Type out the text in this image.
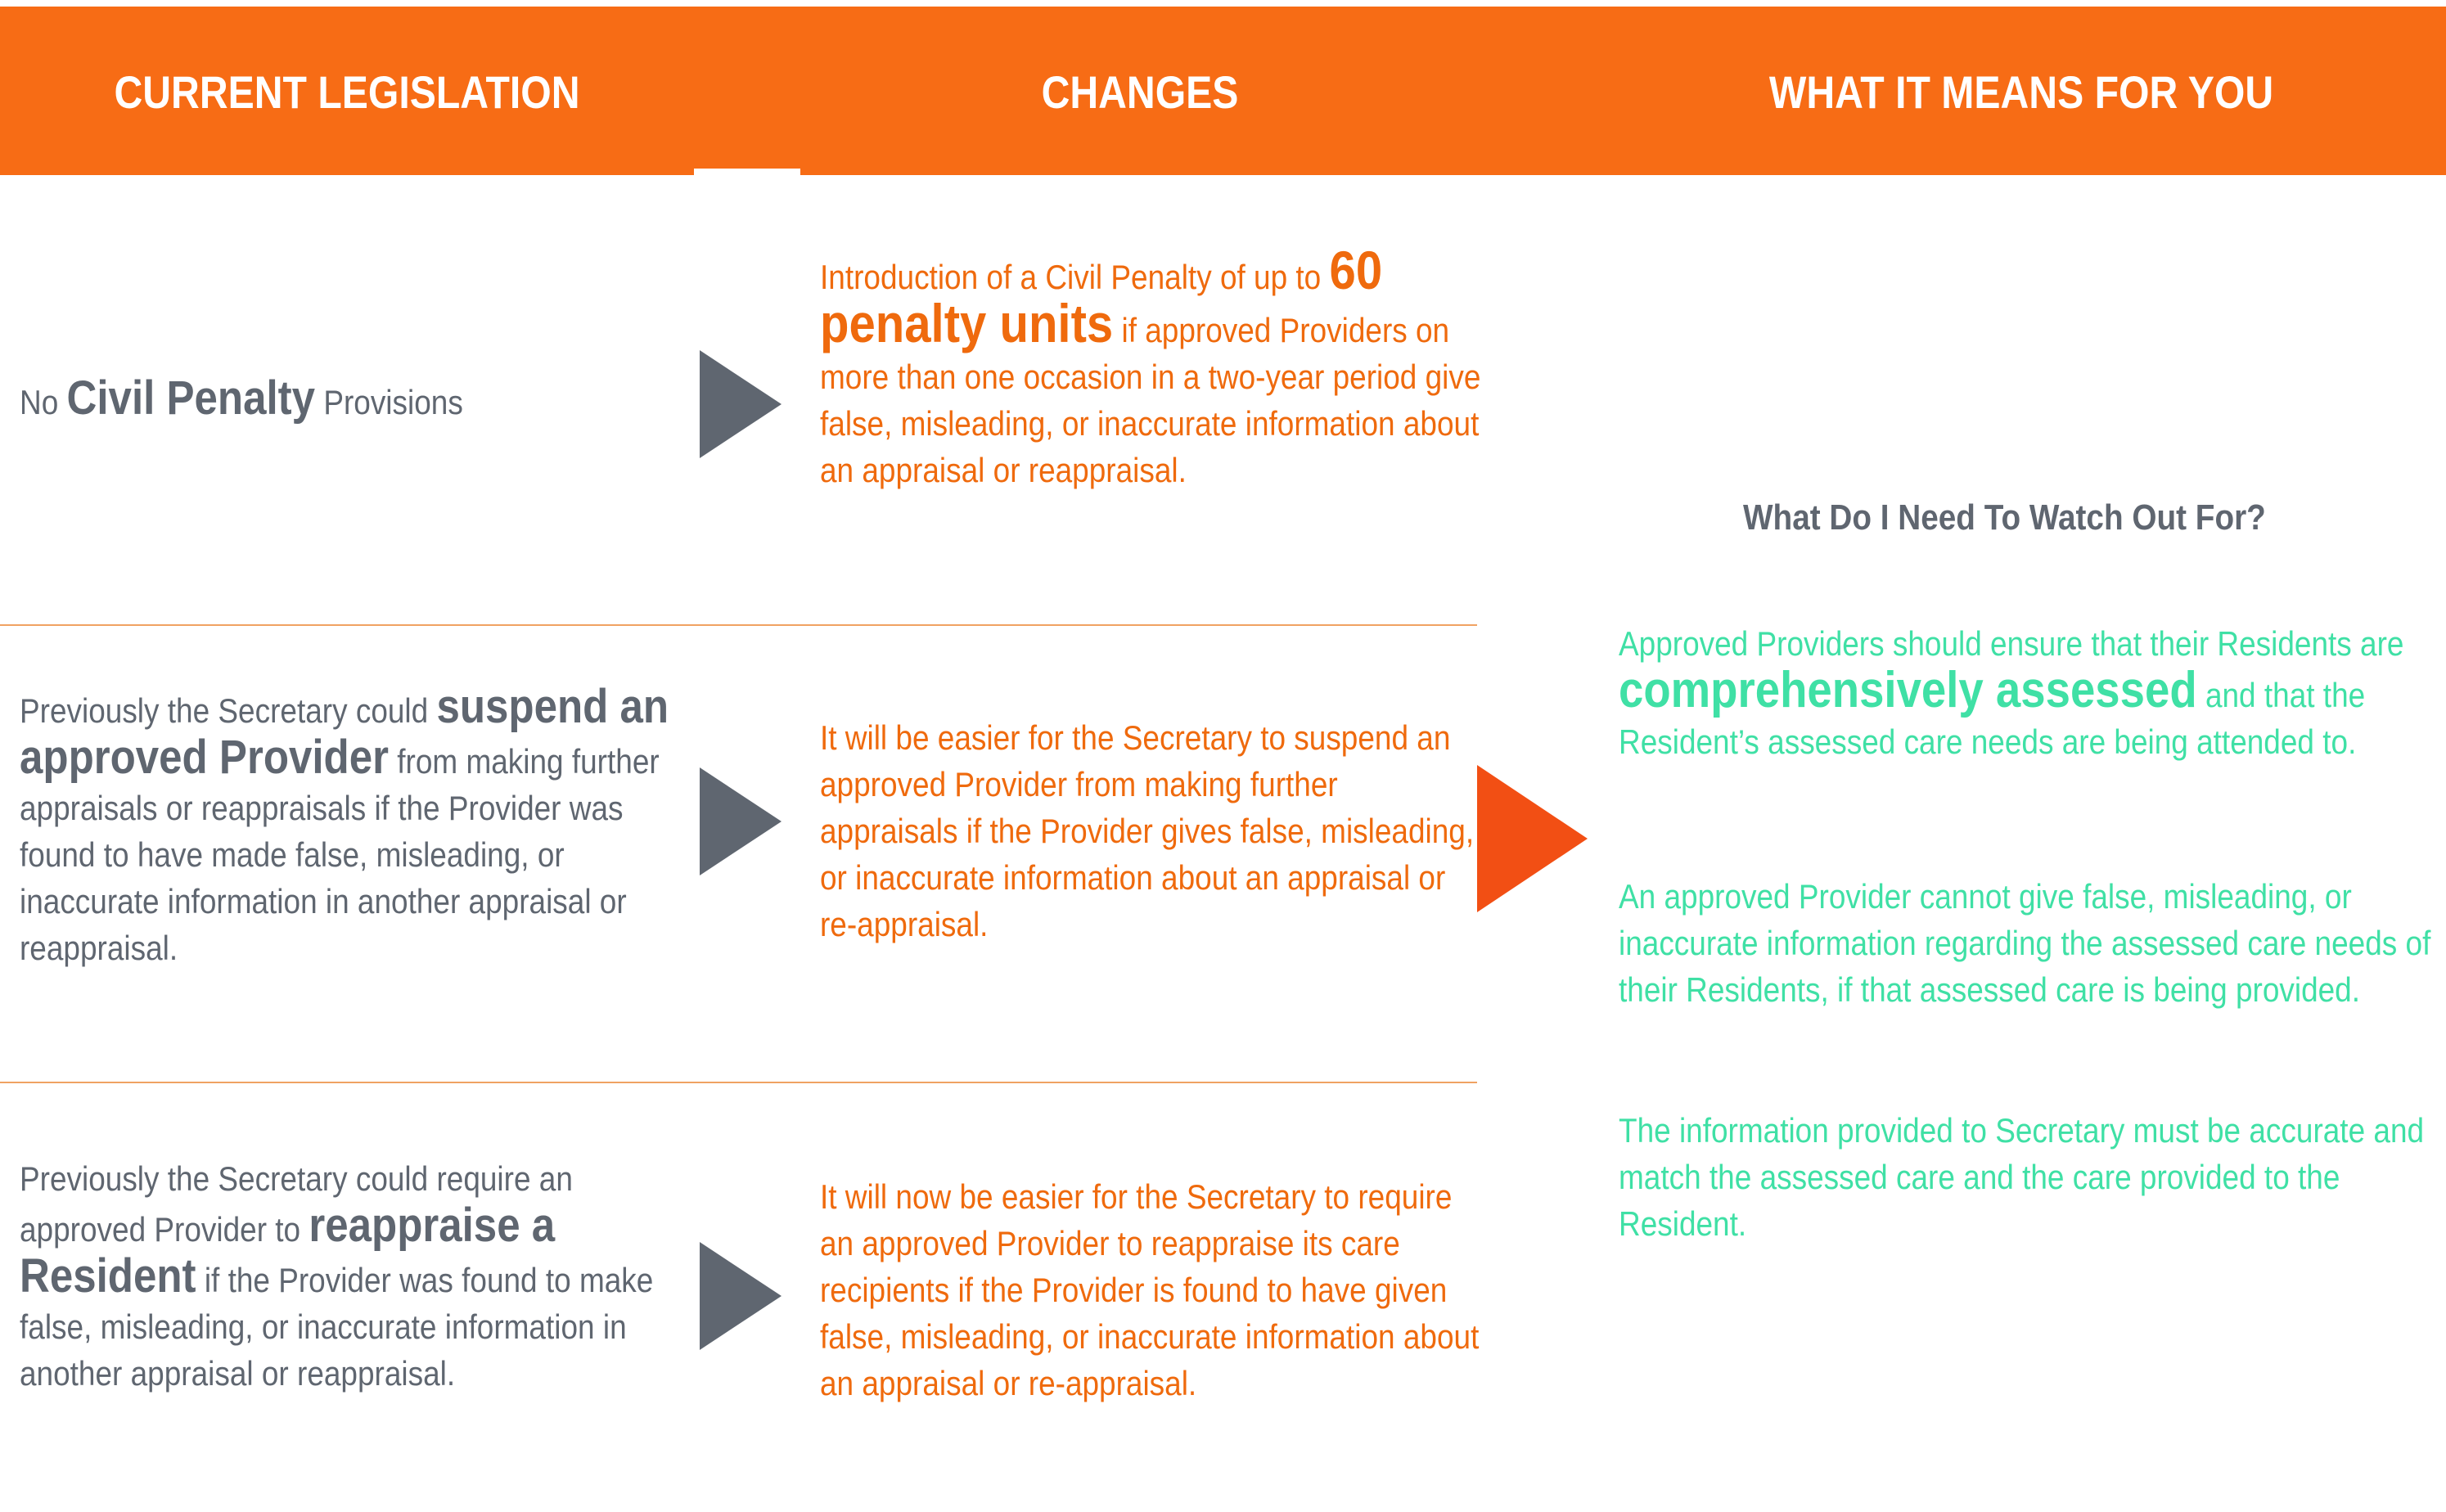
CURRENT LEGISLATION	CHANGES	WHAT IT MEANS FOR YOU
No Civil Penalty Provisions
Introduction of a Civil Penalty of up to 60
penalty units if approved Providers on more than one occasion in a two-year period give false, misleading, or inaccurate information about an appraisal or reappraisal.
Previously the Secretary could suspend an approved Provider from making further appraisals or reappraisals if the Provider was found to have made false, misleading, or inaccurate information in another appraisal or reappraisal.
It will be easier for the Secretary to suspend an approved Provider from making further appraisals if the Provider gives false, misleading, or inaccurate information about an appraisal or re-appraisal.
Previously the Secretary could require an approved Provider to reappraise a Resident if the Provider was found to make false, misleading, or inaccurate information in another appraisal or reappraisal.
It will now be easier for the Secretary to require an approved Provider to reappraise its care recipients if the Provider is found to have given false, misleading, or inaccurate information about an appraisal or re-appraisal.
What Do I Need To Watch Out For?
Approved Providers should ensure that their Residents are comprehensively assessed and that the Resident’s assessed care needs are being attended to.
An approved Provider cannot give false, misleading, or inaccurate information regarding the assessed care needs of their Residents, if that assessed care is being provided.
The information provided to Secretary must be accurate and match the assessed care and the care provided to the Resident.
